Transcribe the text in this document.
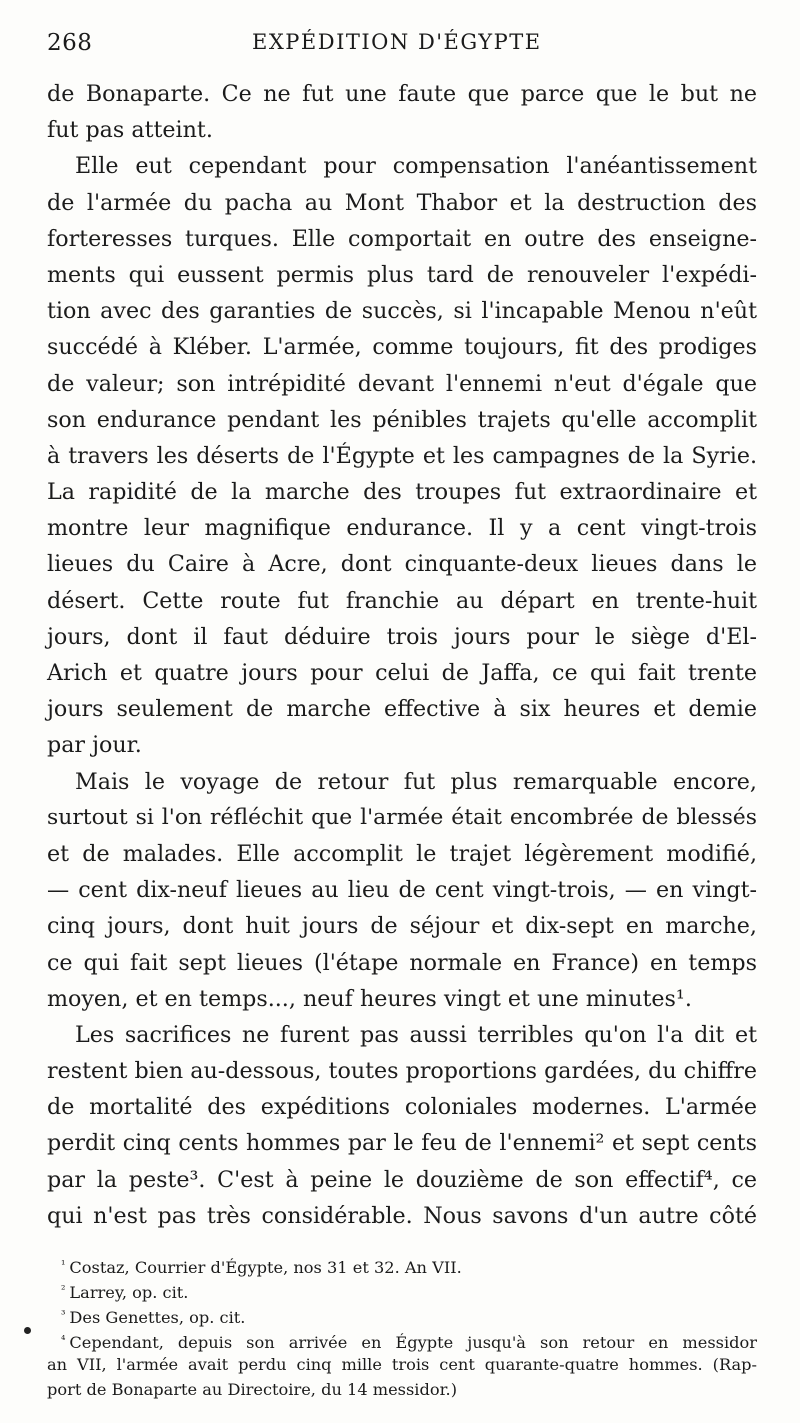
268	EXPÉDITION D'ÉGYPTE
de Bonaparte. Ce ne fut une faute que parce que le but ne
fut pas atteint.
Elle eut cependant pour compensation l'anéantissement
de l'armée du pacha au Mont Thabor et la destruction des
forteresses turques. Elle comportait en outre des enseigne-
ments qui eussent permis plus tard de renouveler l'expédi-
tion avec des garanties de succès, si l'incapable Menou n'eût
succédé à Kléber. L'armée, comme toujours, fit des prodiges
de valeur; son intrépidité devant l'ennemi n'eut d'égale que
son endurance pendant les pénibles trajets qu'elle accomplit
à travers les déserts de l'Égypte et les campagnes de la Syrie.
La rapidité de la marche des troupes fut extraordinaire et
montre leur magnifique endurance. Il y a cent vingt-trois
lieues du Caire à Acre, dont cinquante-deux lieues dans le
désert. Cette route fut franchie au départ en trente-huit
jours, dont il faut déduire trois jours pour le siège d'El-
Arich et quatre jours pour celui de Jaffa, ce qui fait trente
jours seulement de marche effective à six heures et demie
par jour.
Mais le voyage de retour fut plus remarquable encore,
surtout si l'on réfléchit que l'armée était encombrée de blessés
et de malades. Elle accomplit le trajet légèrement modifié,
— cent dix-neuf lieues au lieu de cent vingt-trois, — en vingt-
cinq jours, dont huit jours de séjour et dix-sept en marche,
ce qui fait sept lieues (l'étape normale en France) en temps
moyen, et en temps..., neuf heures vingt et une minutes¹.
Les sacrifices ne furent pas aussi terribles qu'on l'a dit et
restent bien au-dessous, toutes proportions gardées, du chiffre
de mortalité des expéditions coloniales modernes. L'armée
perdit cinq cents hommes par le feu de l'ennemi² et sept cents
par la peste³. C'est à peine le douzième de son effectif⁴, ce
qui n'est pas très considérable. Nous savons d'un autre côté
$^{^1}$ Costaz, Courrier d'Égypte, nos 31 et 32. An VII.
$^{^2}$ Larrey, op. cit.
$^{^3}$ Des Genettes, op. cit.
$^{^4}$ Cependant, depuis son arrivée en Égypte jusqu'à son retour en messidor
an VII, l'armée avait perdu cinq mille trois cent quarante-quatre hommes. (Rap-
port de Bonaparte au Directoire, du 14 messidor.)
